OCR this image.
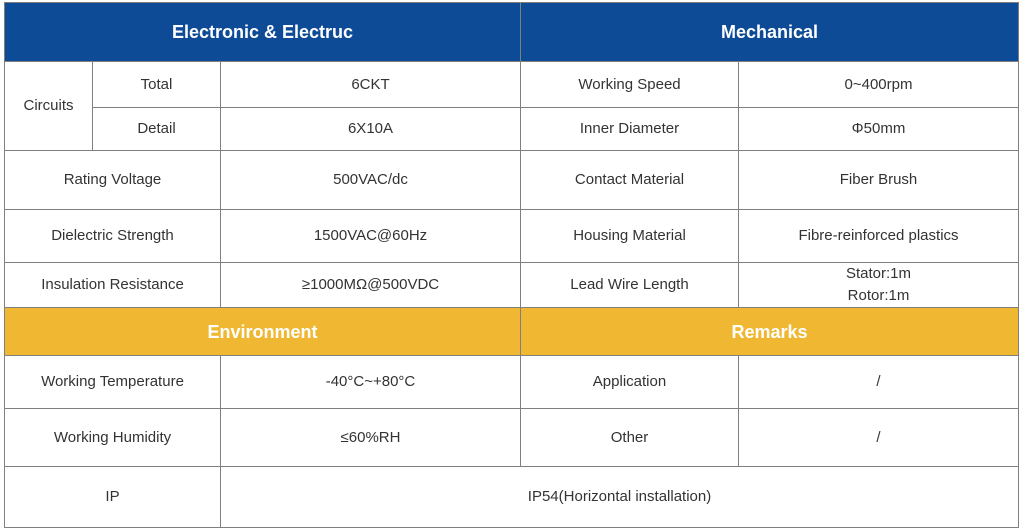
Electronic & Electruc			Mechanical	
Circuits	Total	6CKT	Working Speed	0~400rpm
	Detail	6X10A	Inner Diameter	Φ50mm
Rating Voltage		500VAC/dc	Contact Material	Fiber Brush
Dielectric Strength		1500VAC@60Hz	Housing Material	Fibre-reinforced plastics
Insulation Resistance		≥1000MΩ@500VDC	Lead Wire Length	Stator:1m
Rotor:1m

Environment			Remarks	
Working Temperature		-40°C~+80°C	Application	/
Working Humidity		≤60%RH	Other	/
IP		IP54(Horizontal installation)		
